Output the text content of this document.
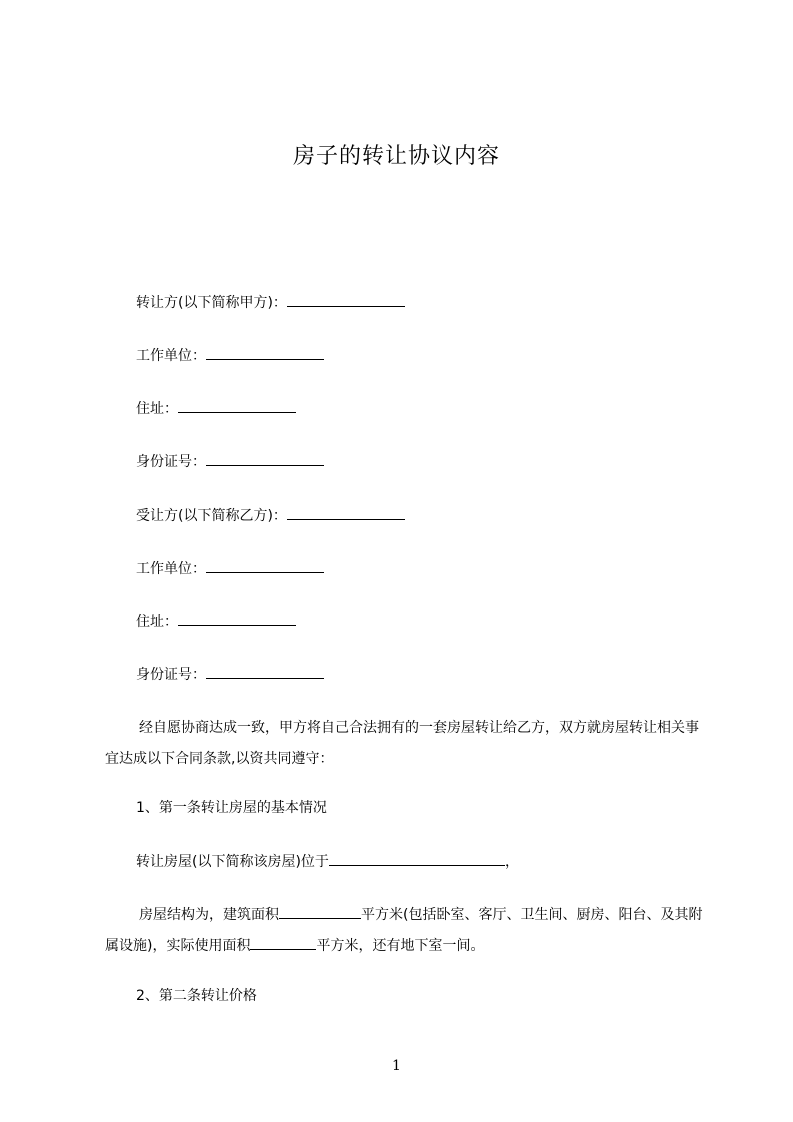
房子的转让协议内容
转让方(以下简称甲方)：
工作单位：
住址：
身份证号：
受让方(以下简称乙方)：
工作单位：
住址：
身份证号：
经自愿协商达成一致，甲方将自己合法拥有的一套房屋转让给乙方，双方就房屋转让相关事宜达成以下合同条款,以资共同遵守：
1、第一条转让房屋的基本情况
转让房屋(以下简称该房屋)位于	，
房屋结构为，建筑面积	平方米(包括卧室、客厅、卫生间、厨房、阳台、及其附属设施)，实际使用面积	平方米，还有地下室一间。
2、第二条转让价格
1
